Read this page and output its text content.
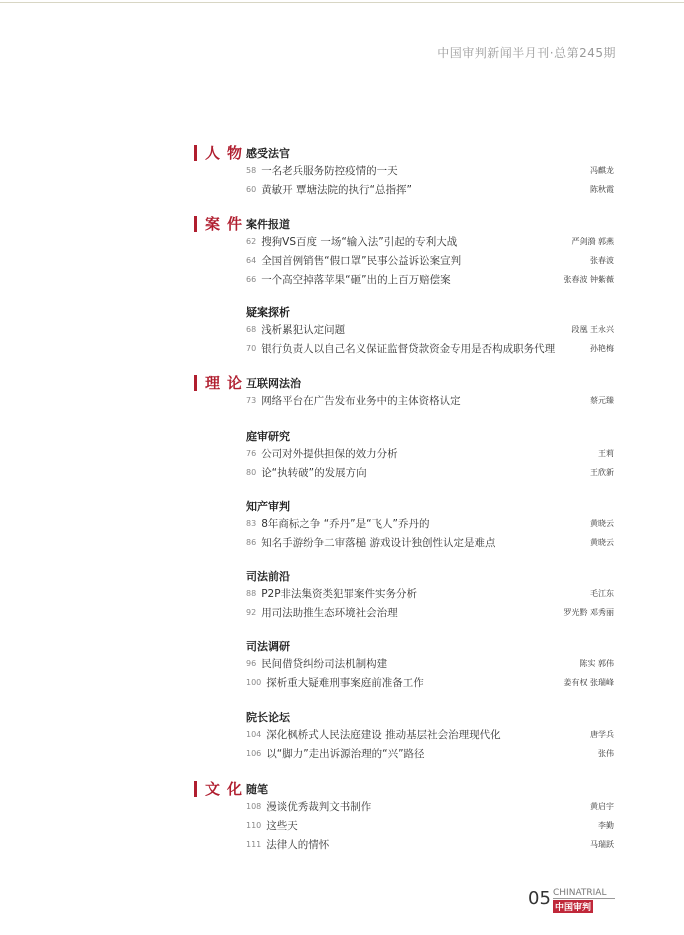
中国审判新闻半月刊·总第245期
人物
感受法官
58 一名老兵服务防控疫情的一天	冯麒龙
60 黄敏开 覃塘法院的执行“总指挥”	陈秋霞
案件
案件报道
62 搜狗VS百度 一场“输入法”引起的专利大战	严剑漪 郭燕
64 全国首例销售“假口罩”民事公益诉讼案宣判	张春波
66 一个高空掉落苹果“砸”出的上百万赔偿案	张春波 钟紫薇
疑案探析
68 浅析累犯认定问题	段凰 王永兴
70 银行负责人以自己名义保证监督贷款资金专用是否构成职务代理	孙艳梅
理论
互联网法治
73 网络平台在广告发布业务中的主体资格认定	蔡元臻
庭审研究
76 公司对外提供担保的效力分析	王莉
80 论“执转破”的发展方向	王欣新
知产审判
83 8年商标之争 “乔丹”是“飞人”乔丹的	黄晓云
86 知名手游纷争二审落槌 游戏设计独创性认定是难点	黄晓云
司法前沿
88 P2P非法集资类犯罪案件实务分析	毛江东
92 用司法助推生态环境社会治理	罗光黔 邓秀丽
司法调研
96 民间借贷纠纷司法机制构建	陈实 郭伟
100 探析重大疑难刑事案庭前准备工作	姜有权 张瑞峰
院长论坛
104 深化枫桥式人民法庭建设 推动基层社会治理现代化	唐学兵
106 以“脚力”走出诉源治理的“兴”路径	张伟
文化
随笔
108 漫谈优秀裁判文书制作	黄启宇
110 这些天	李勤
111 法律人的情怀	马瑞跃
05 CHINATRIAL
中国审判
